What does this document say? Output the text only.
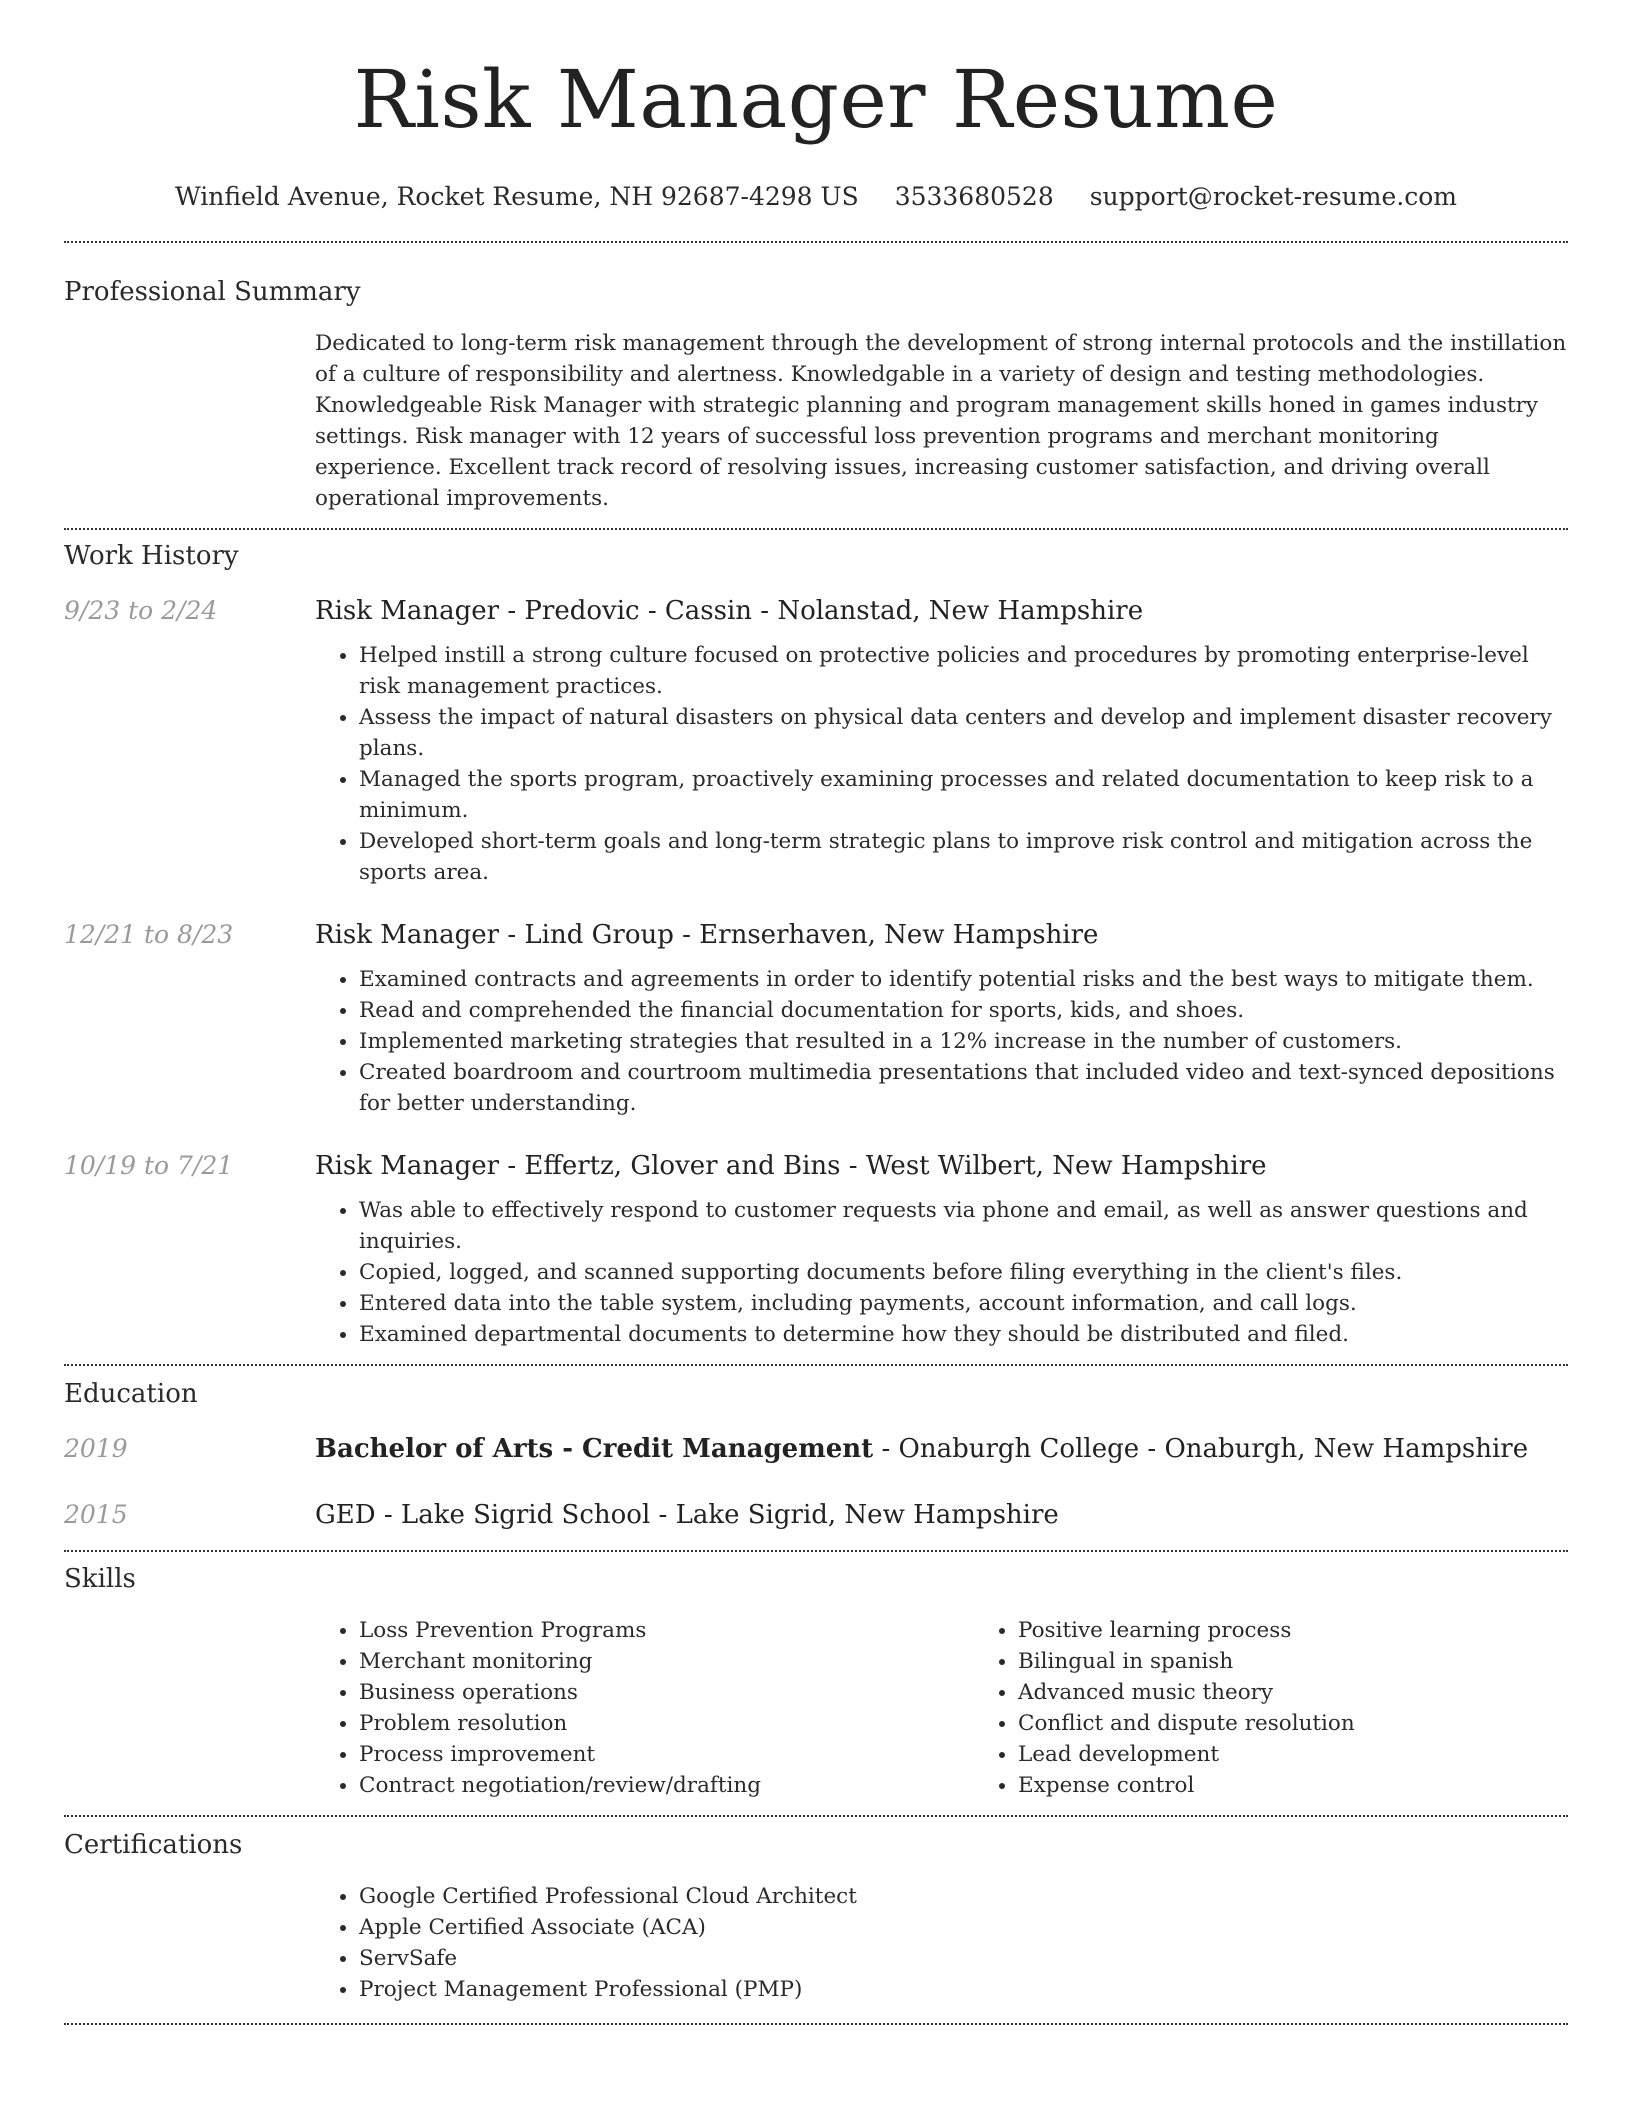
Risk Manager Resume
Winfield Avenue, Rocket Resume, NH 92687-4298 US 3533680528 support@rocket-resume.com
Professional Summary

Dedicated to long-term risk management through the development of strong internal protocols and the instillation of a culture of responsibility and alertness. Knowledgable in a variety of design and testing methodologies. Knowledgeable Risk Manager with strategic planning and program management skills honed in games industry settings. Risk manager with 12 years of successful loss prevention programs and merchant monitoring experience. Excellent track record of resolving issues, increasing customer satisfaction, and driving overall operational improvements.

Work History
9/23 to 2/24	Risk Manager - Predovic - Cassin - Nolanstad, New Hampshire
• Helped instill a strong culture focused on protective policies and procedures by promoting enterprise-level risk management practices.
• Assess the impact of natural disasters on physical data centers and develop and implement disaster recovery plans.
• Managed the sports program, proactively examining processes and related documentation to keep risk to a minimum.
• Developed short-term goals and long-term strategic plans to improve risk control and mitigation across the sports area.
12/21 to 8/23	Risk Manager - Lind Group - Ernserhaven, New Hampshire
• Examined contracts and agreements in order to identify potential risks and the best ways to mitigate them.
• Read and comprehended the financial documentation for sports, kids, and shoes.
• Implemented marketing strategies that resulted in a 12% increase in the number of customers.
• Created boardroom and courtroom multimedia presentations that included video and text-synced depositions for better understanding.
10/19 to 7/21	Risk Manager - Effertz, Glover and Bins - West Wilbert, New Hampshire
• Was able to effectively respond to customer requests via phone and email, as well as answer questions and inquiries.
• Copied, logged, and scanned supporting documents before filing everything in the client's files.
• Entered data into the table system, including payments, account information, and call logs.
• Examined departmental documents to determine how they should be distributed and filed.
Education
2019	Bachelor of Arts - Credit Management - Onaburgh College - Onaburgh, New Hampshire
2015	GED - Lake Sigrid School - Lake Sigrid, New Hampshire
Skills
• Loss Prevention Programs
• Merchant monitoring
• Business operations
• Problem resolution
• Process improvement
• Contract negotiation/review/drafting
• Positive learning process
• Bilingual in spanish
• Advanced music theory
• Conflict and dispute resolution
• Lead development
• Expense control
Certifications
• Google Certified Professional Cloud Architect
• Apple Certified Associate (ACA)
• ServSafe
• Project Management Professional (PMP)
